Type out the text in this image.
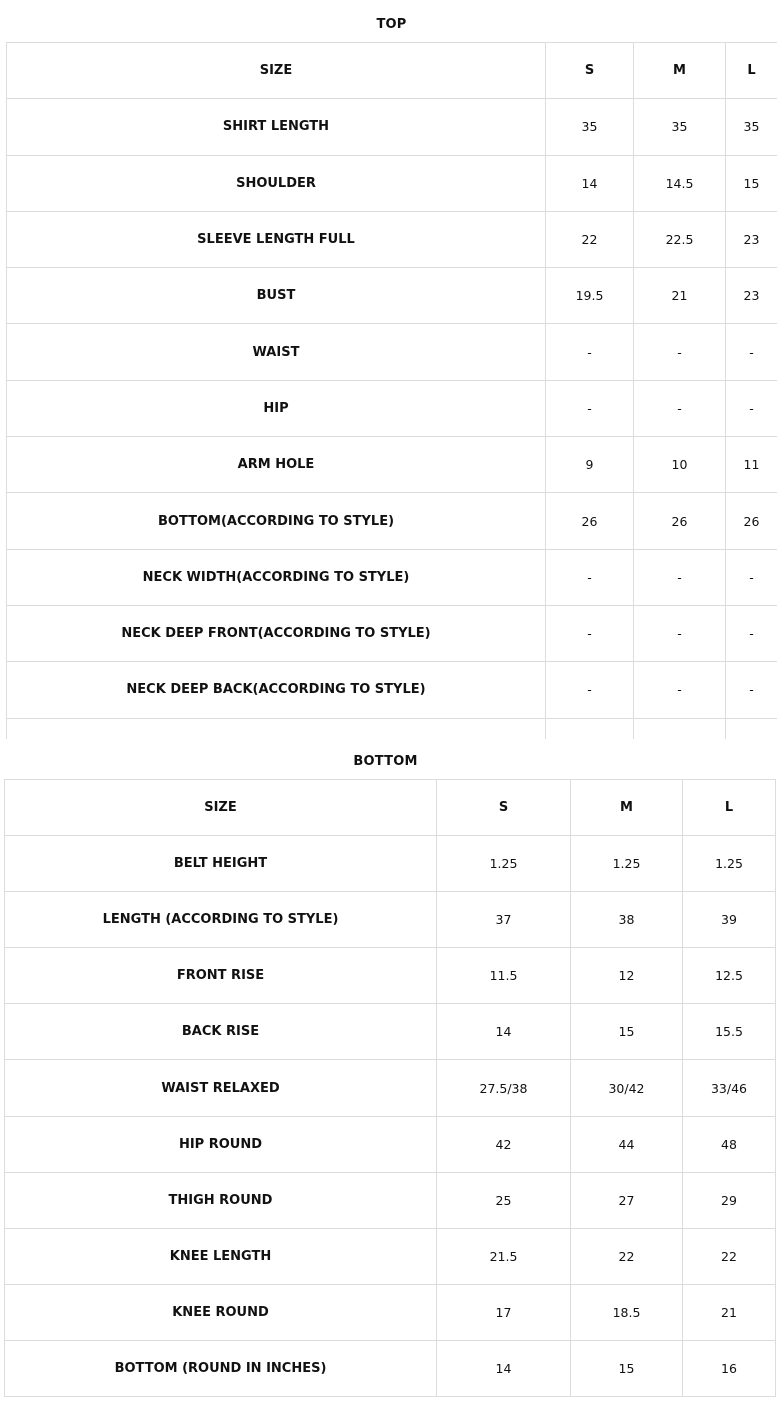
TOP
SIZE	S	M	L
SHIRT LENGTH	35	35	35
SHOULDER	14	14.5	15
SLEEVE LENGTH FULL	22	22.5	23
BUST	19.5	21	23
WAIST	-	-	-
HIP	-	-	-
ARM HOLE	9	10	11
BOTTOM(ACCORDING TO STYLE)	26	26	26
NECK WIDTH(ACCORDING TO STYLE)	-	-	-
NECK DEEP FRONT(ACCORDING TO STYLE)	-	-	-
NECK DEEP BACK(ACCORDING TO STYLE)	-	-	-

BOTTOM
SIZE	S	M	L
BELT HEIGHT	1.25	1.25	1.25
LENGTH (ACCORDING TO STYLE)	37	38	39
FRONT RISE	11.5	12	12.5
BACK RISE	14	15	15.5
WAIST RELAXED	27.5/38	30/42	33/46
HIP ROUND	42	44	48
THIGH ROUND	25	27	29
KNEE LENGTH	21.5	22	22
KNEE ROUND	17	18.5	21
BOTTOM (ROUND IN INCHES)	14	15	16
